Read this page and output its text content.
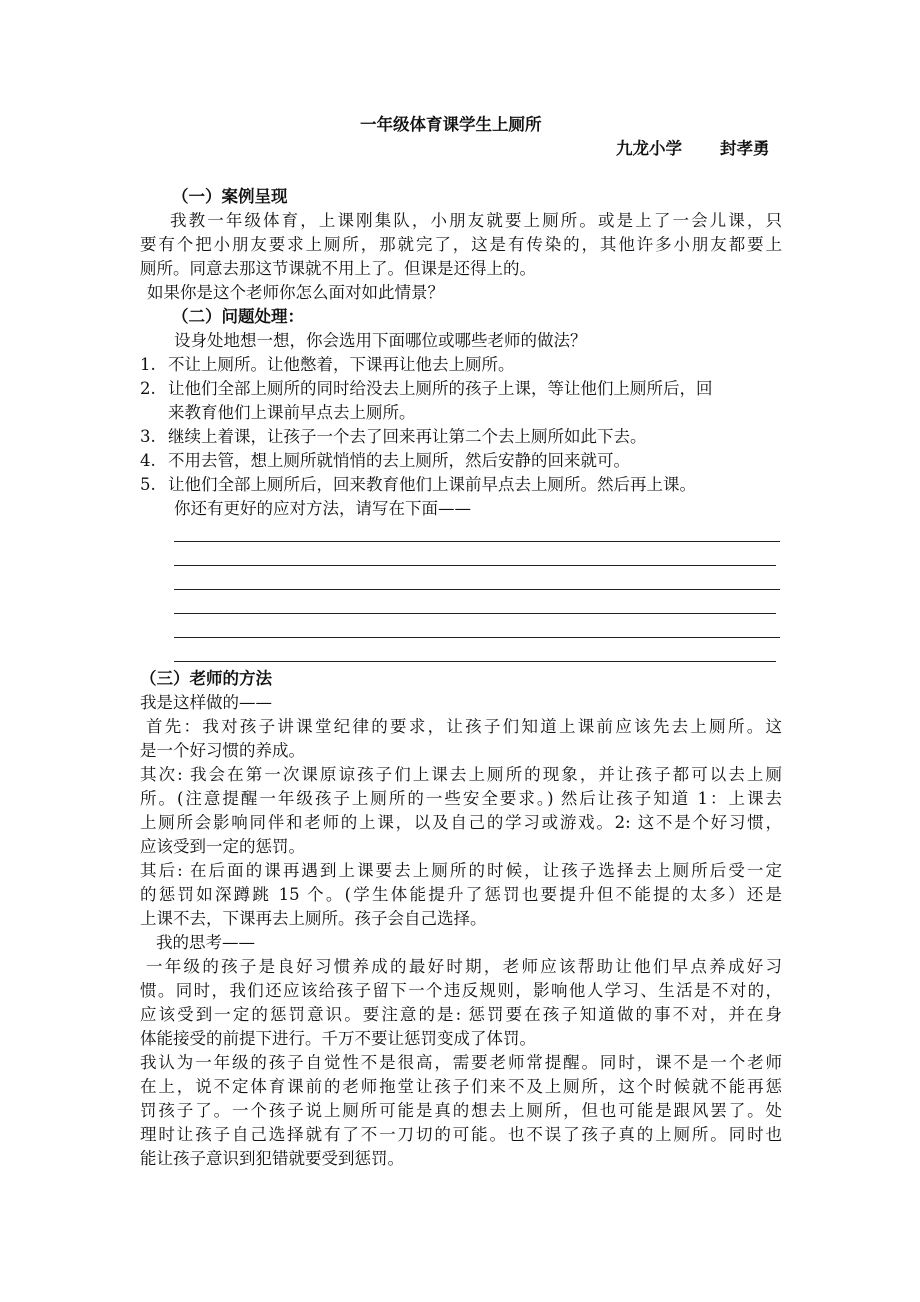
一年级体育课学生上厕所
九龙小学 封孝勇
（一）案例呈现
我教一年级体育，上课刚集队，小朋友就要上厕所。或是上了一会儿课，只
要有个把小朋友要求上厕所，那就完了，这是有传染的，其他许多小朋友都要上
厕所。同意去那这节课就不用上了。但课是还得上的。
如果你是这个老师你怎么面对如此情景？
（二）问题处理：
设身处地想一想，你会选用下面哪位或哪些老师的做法？
1. 不让上厕所。让他憋着，下课再让他去上厕所。
2. 让他们全部上厕所的同时给没去上厕所的孩子上课，等让他们上厕所后，回
来教育他们上课前早点去上厕所。
3. 继续上着课，让孩子一个去了回来再让第二个去上厕所如此下去。
4. 不用去管，想上厕所就悄悄的去上厕所，然后安静的回来就可。
5. 让他们全部上厕所后，回来教育他们上课前早点去上厕所。然后再上课。
你还有更好的应对方法，请写在下面——
（三）老师的方法
我是这样做的——
首先：我对孩子讲课堂纪律的要求，让孩子们知道上课前应该先去上厕所。这
是一个好习惯的养成。
其次: 我会在第一次课原谅孩子们上课去上厕所的现象，并让孩子都可以去上厕
所。(注意提醒一年级孩子上厕所的一些安全要求。) 然后让孩子知道 1：上课去
上厕所会影响同伴和老师的上课，以及自己的学习或游戏。2: 这不是个好习惯，
应该受到一定的惩罚。
其后: 在后面的课再遇到上课要去上厕所的时候，让孩子选择去上厕所后受一定
的惩罚如深蹲跳 15 个。(学生体能提升了惩罚也要提升但不能提的太多）还是
上课不去，下课再去上厕所。孩子会自己选择。
我的思考——
一年级的孩子是良好习惯养成的最好时期，老师应该帮助让他们早点养成好习
惯。同时，我们还应该给孩子留下一个违反规则，影响他人学习、生活是不对的，
应该受到一定的惩罚意识。要注意的是: 惩罚要在孩子知道做的事不对，并在身
体能接受的前提下进行。千万不要让惩罚变成了体罚。
我认为一年级的孩子自觉性不是很高，需要老师常提醒。同时，课不是一个老师
在上，说不定体育课前的老师拖堂让孩子们来不及上厕所，这个时候就不能再惩
罚孩子了。一个孩子说上厕所可能是真的想去上厕所，但也可能是跟风罢了。处
理时让孩子自己选择就有了不一刀切的可能。也不误了孩子真的上厕所。同时也
能让孩子意识到犯错就要受到惩罚。
